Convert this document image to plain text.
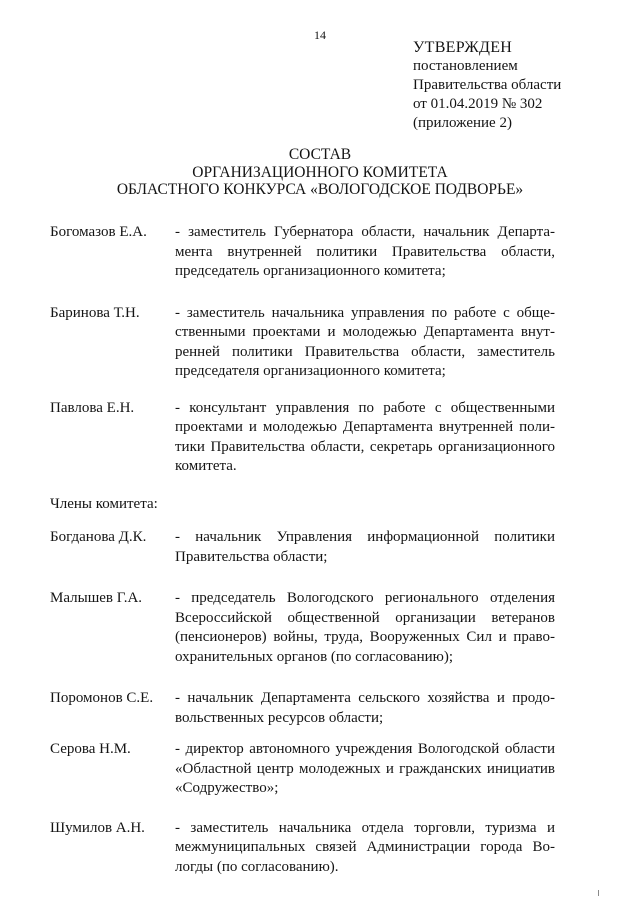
14
УТВЕРЖДЕН
постановлением
Правительства области
от 01.04.2019 № 302
(приложение 2)
СОСТАВ
ОРГАНИЗАЦИОННОГО КОМИТЕТА
ОБЛАСТНОГО КОНКУРСА «ВОЛОГОДСКОЕ ПОДВОРЬЕ»
Богомазов Е.А.	- заместитель Губернатора области, начальник Департамента внутренней политики Правительства области, председатель организационного комитета;
Баринова Т.Н.	- заместитель начальника управления по работе с общественными проектами и молодежью Департамента внутренней политики Правительства области, заместитель председателя организационного комитета;
Павлова Е.Н.	- консультант управления по работе с общественными проектами и молодежью Департамента внутренней политики Правительства области, секретарь организационного комитета.
Члены комитета:
Богданова Д.К.	- начальник Управления информационной политики Правительства области;
Малышев Г.А.	- председатель Вологодского регионального отделения Всероссийской общественной организации ветеранов (пенсионеров) войны, труда, Вооруженных Сил и правоохранительных органов (по согласованию);
Поромонов С.Е.	- начальник Департамента сельского хозяйства и продовольственных ресурсов области;
Серова Н.М.	- директор автономного учреждения Вологодской области «Областной центр молодежных и гражданских инициатив «Содружество»;
Шумилов А.Н.	- заместитель начальника отдела торговли, туризма и межмуниципальных связей Администрации города Вологды (по согласованию).
